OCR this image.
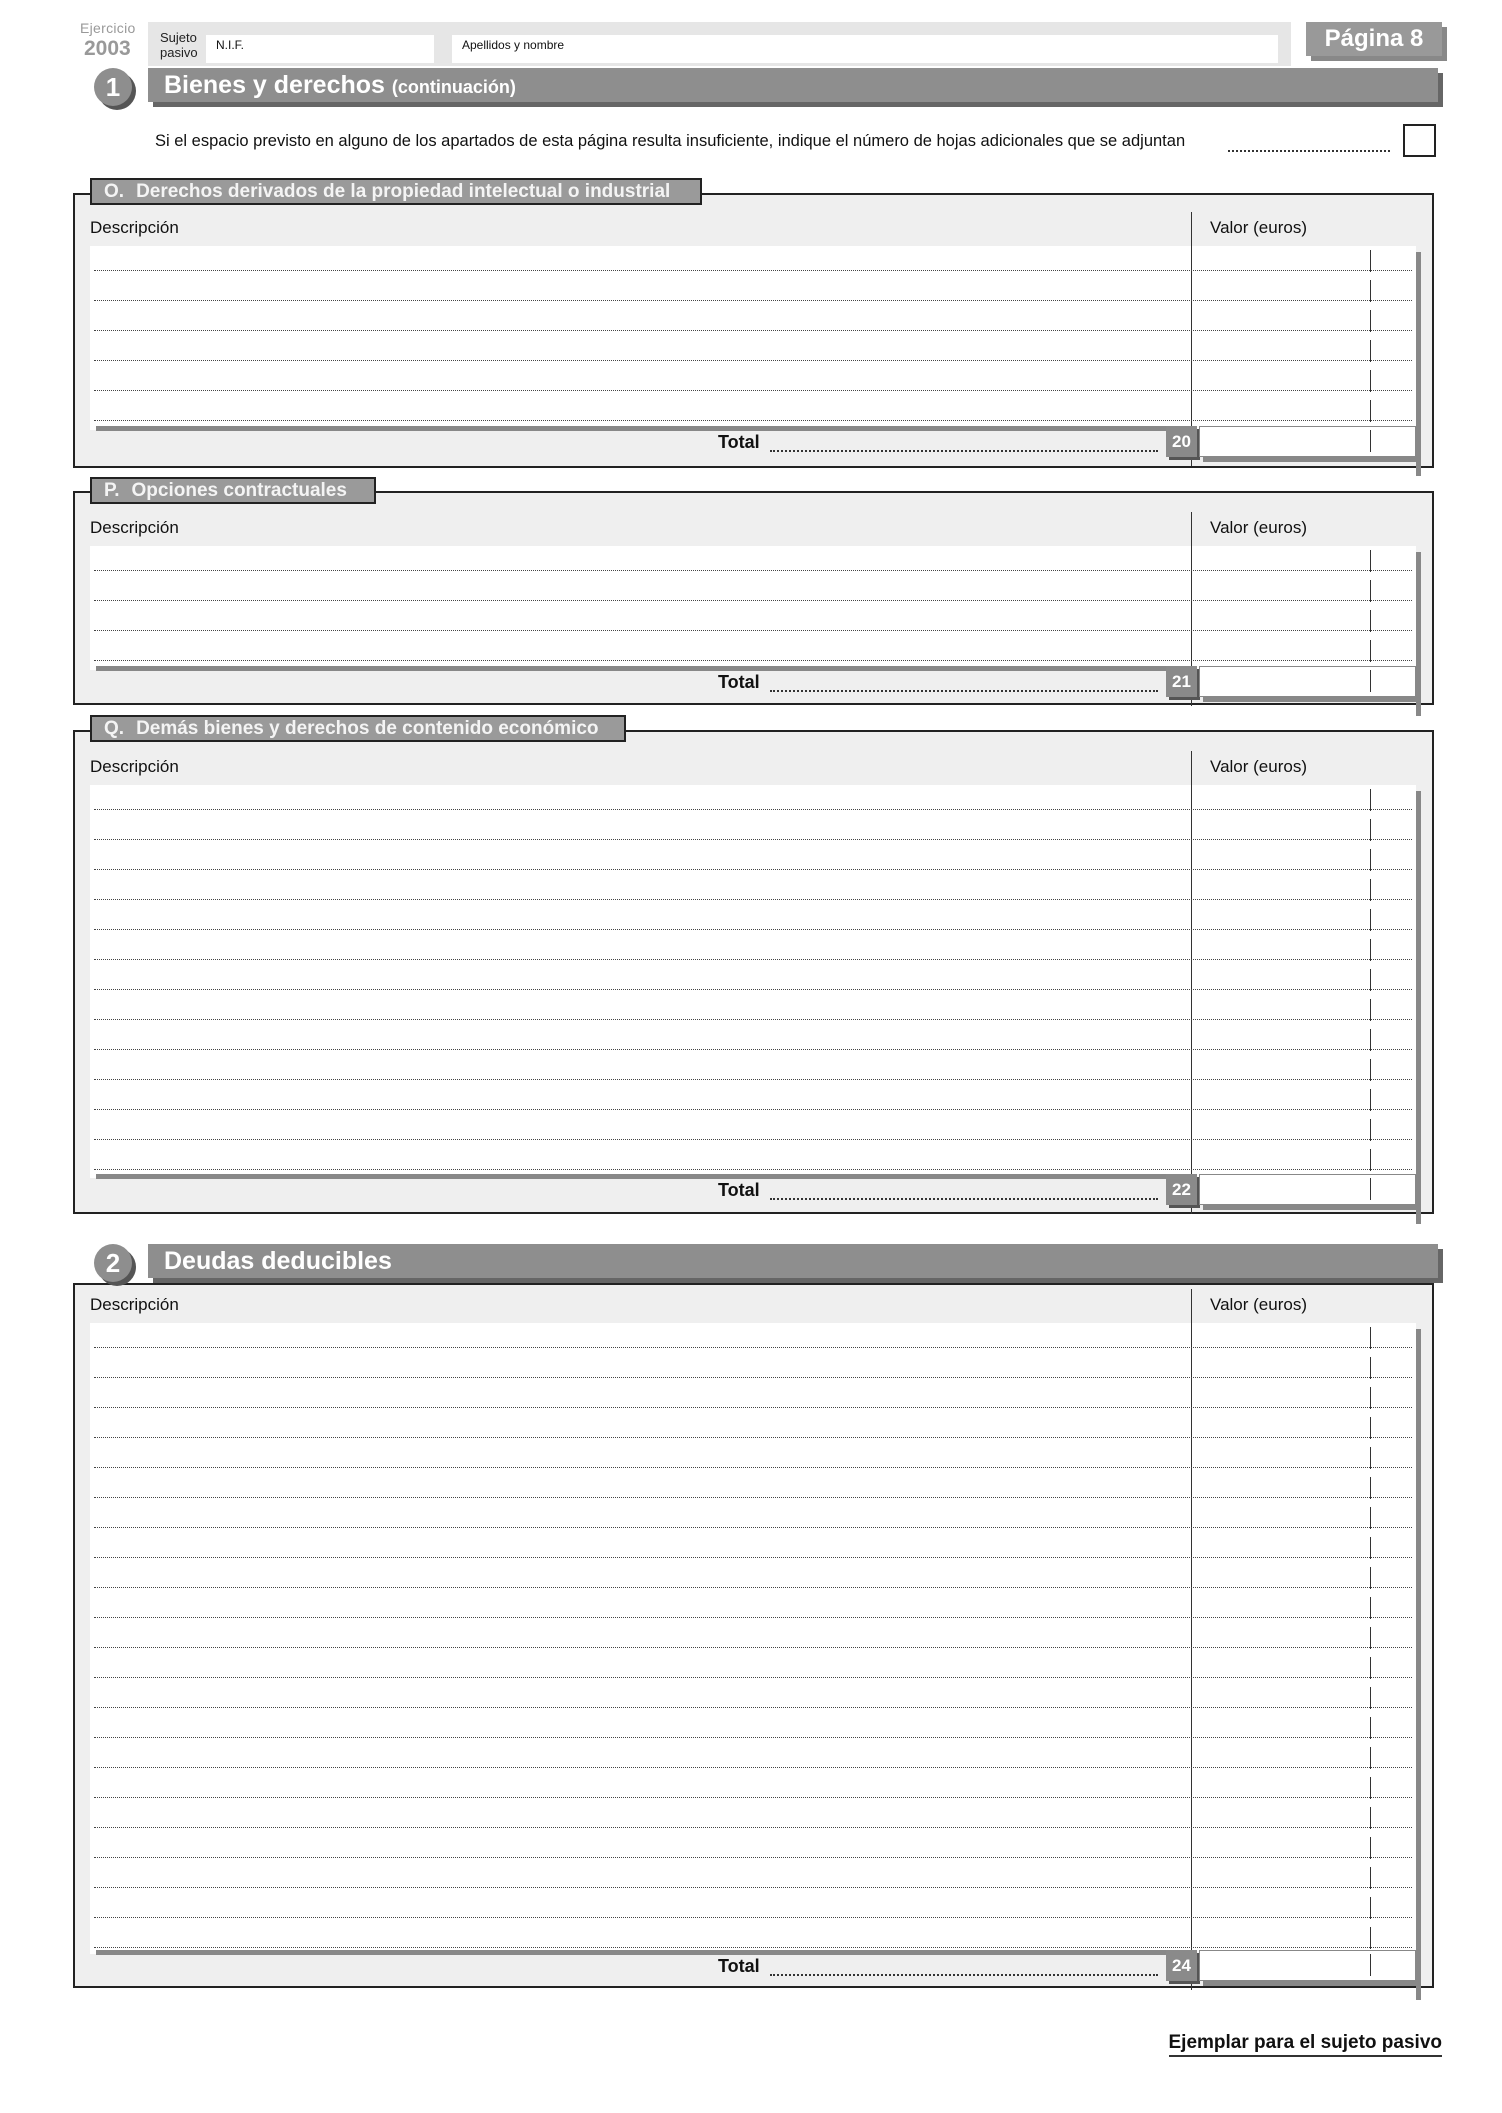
Ejercicio
2003 Sujeto
pasivo N.I.F.	Apellidos y nombre	Página 8
1	Bienes y derechos (continuación)
Si el espacio previsto en alguno de los apartados de esta página resulta insuficiente, indique el número de hojas adicionales que se adjuntan
O. Derechos derivados de la propiedad intelectual o industrial
Descripción	Valor (euros)
Total	20
P. Opciones contractuales
Descripción	Valor (euros)
Total	21
Q. Demás bienes y derechos de contenido económico
Descripción	Valor (euros)
Total	22
Descripción	Valor (euros)
Total	24
2	Deudas deducibles
Ejemplar para el sujeto pasivo
